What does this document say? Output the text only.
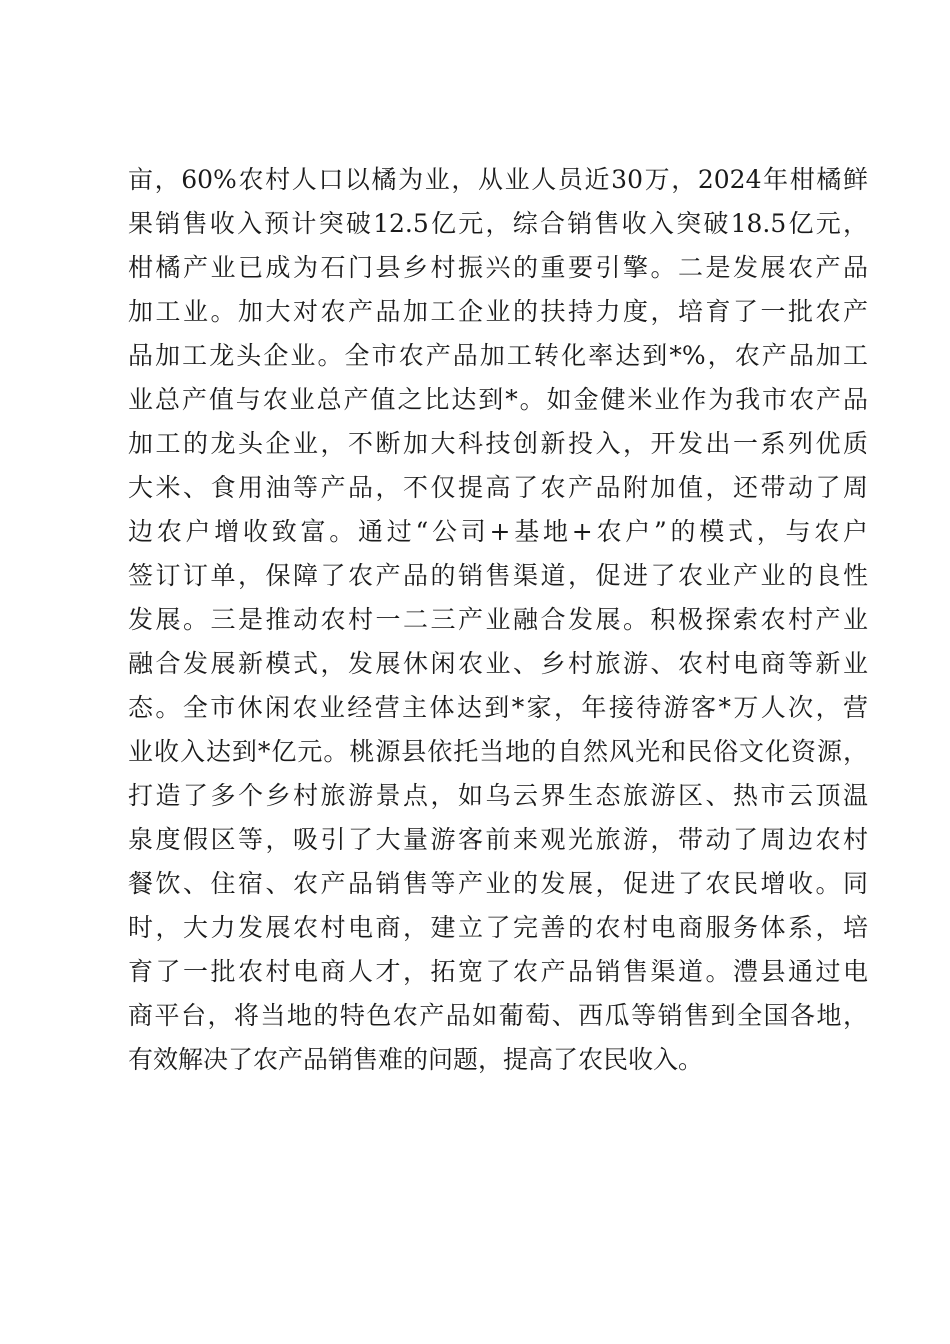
亩，60%农村人口以橘为业，从业人员近30万，2024年柑橘鲜
果销售收入预计突破12.5亿元，综合销售收入突破18.5亿元，
柑橘产业已成为石门县乡村振兴的重要引擎。二是发展农产品
加工业。加大对农产品加工企业的扶持力度，培育了一批农产
品加工龙头企业。全市农产品加工转化率达到*%，农产品加工
业总产值与农业总产值之比达到*。如金健米业作为我市农产品
加工的龙头企业，不断加大科技创新投入，开发出一系列优质
大米、食用油等产品，不仅提高了农产品附加值，还带动了周
边农户增收致富。通过“公司+基地+农户”的模式，与农户
签订订单，保障了农产品的销售渠道，促进了农业产业的良性
发展。三是推动农村一二三产业融合发展。积极探索农村产业
融合发展新模式，发展休闲农业、乡村旅游、农村电商等新业
态。全市休闲农业经营主体达到*家，年接待游客*万人次，营
业收入达到*亿元。桃源县依托当地的自然风光和民俗文化资源，
打造了多个乡村旅游景点，如乌云界生态旅游区、热市云顶温
泉度假区等，吸引了大量游客前来观光旅游，带动了周边农村
餐饮、住宿、农产品销售等产业的发展，促进了农民增收。同
时，大力发展农村电商，建立了完善的农村电商服务体系，培
育了一批农村电商人才，拓宽了农产品销售渠道。澧县通过电
商平台，将当地的特色农产品如葡萄、西瓜等销售到全国各地，
有效解决了农产品销售难的问题，提高了农民收入。
